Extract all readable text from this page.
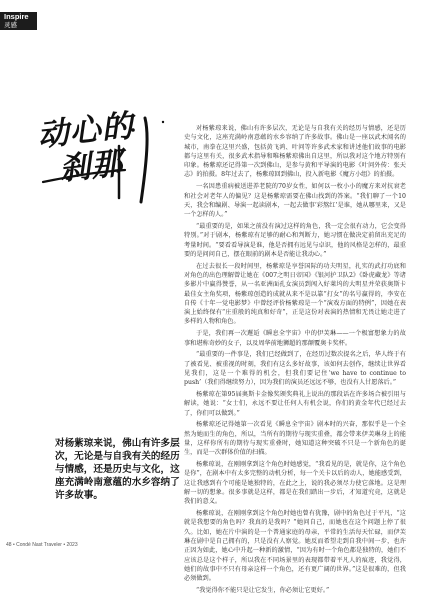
Inspire
灵感
动心的
刹那

对杨紫琼来说，佛山有许多层次，无论是与自我有关的经历与情感，还是历史与文化，这座充满岭南意蕴的水乡容纳了许多故事。佛山是一座以武术闻名的城市，南拳在这里兴盛，包括黄飞鸿、叶问等许多武术家和讲述他们故事的电影都与这里有关，很多武术指导和唯杨紫琼佛出自这里，所以我对这个地方特别有印象。杨紫琼还记得第一次到佛山，是参与黄和平导演的电影《叶问外传：张天志》的拍摄。8年过去了，杨紫琼回到佛山，投入新电影《魔方小组》的拍摄。

一名因患重病被送进养老院的70岁女性，如何以一枚小小的魔方来对抗衰老和社会对老年人的偏见？这是杨紫琼需要在佛山找到的答案。“我们聊了一个10天，我会和编剧、导演一起读剧本，一起去做事‘彩熬红’是谁，她从哪里来，又是一个怎样的人。”

“最重要的是，如果之前没有演过这样的角色，我一定会很有动力，它会变得特别。”对于剧本，杨紫琼有足够的耐心和判断力，她习惯在做决定前留出充足的考量时间。“要看看导演是谁，他是否拥有远见与卓识，他的风格是怎样的，最重要的是问问自己，摆在眼前的剧本是否能让我动心。”

在过去很长一段时间里，杨紫琼是享誉国际的功夫明星，扎实的武打功底和对角色的出色理解曾让她在《007之明日帝国》《银河护卫队2》《卧虎藏龙》等诸多影片中赢得赞誉，从一名亚洲面孔女演员到闯入好莱坞的大明星并荣获奥斯卡最佳女主角奖项，杨紫琼创造的成就从来不是以靠“打女”的名号赢得的，李安在自传《十年一觉电影梦》中曾经评价杨紫琼是一个“演戏方面的特例”，因她在表演上始终保有“庄重般的纯真和好奇”，正是这份对表演的热情和无畏让她走进了多样的人物和角色。

于是，我们再一次邂逅《瞬息全宇宙》中的伊芙琳——一个极富想象力的故事和堪称奇妙的女子，以及周华前地狮超的那颠覆奥卡奖杯。

“最重要的一件事是，我们已经做到了，在经历过数次提名之后，华人终于有了被看见、被重视的时刻，我们有这么多好故事，该如何去创作，继续让世界看见我们，这是一个难得的机会，但我们要记住‘we have to continue to push’（我们得继续努力），因为我们的演员还远远不够，也没有人甘愿落后。”

杨紫琼在第95届奥斯卡金像奖颁奖典礼上说出的那段话在许多场合被引用与解读，她说：“女士们，永远不要让任何人有机会说，你们的黄金年代已经过去了，你们可以做到。”

杨紫琼还记得她第一次看见《瞬息全宇宙》剧本时的兴奋，那似乎是一个全然为她而生的角色，所以，当所有的期待与现实重叠，都会带来伊芙琳身上的能量，这样你所有的期待与现实重叠时，她知道这种突破不只是一个新角色的诞生，而是一次群体价值的扫描。

杨紫琼说，在刚刚拿到这个角色时她感觉，“我看见的是，就是你，这个角色是你”，在剧本中有太多完整的动机分析，每一个关卡以后的动人，她能感受到，这让我感到有个可能是她独特的，在此之上，说的我必须尽力使它落地。这是理解一切的想象。很多事就是这样，都是在我们踏出一步后，才知道究竟，这就是我们的意义。

杨紫琼说，在刚刚拿到这个角色时她也曾有犹豫，剧中的角色过于平凡，“这就是我想要的角色吗？我真的是我吗？”她问自己，而她也在这个问题上停了很久。比如，她在片中演的是一个普通家庭的母亲，平常的生活每天忙碌，而伊芙琳在剧中是自己拥有的，只是没有人察觉。她反而希望走到自我中间一步，也许正因为如此，她心中升起一种新的激情，“因为有时一个角色都是独特的，她们不应该总是这个样子，所以我在不同场景里的表现都带着平凡人的痕迹，我觉得，她们的故事中不只有母亲这样一个角色，还有更广阔的世界。”这是很难的，但我必须做到。

“我觉得你不能只是让它发生，你必须让它更好。”

对杨紫琼来说，佛山有许多层次，无论是与自我有关的经历与情感，还是历史与文化，这座充满岭南意蕴的水乡容纳了许多故事。
48 • Condé Nast Traveler • 2023
